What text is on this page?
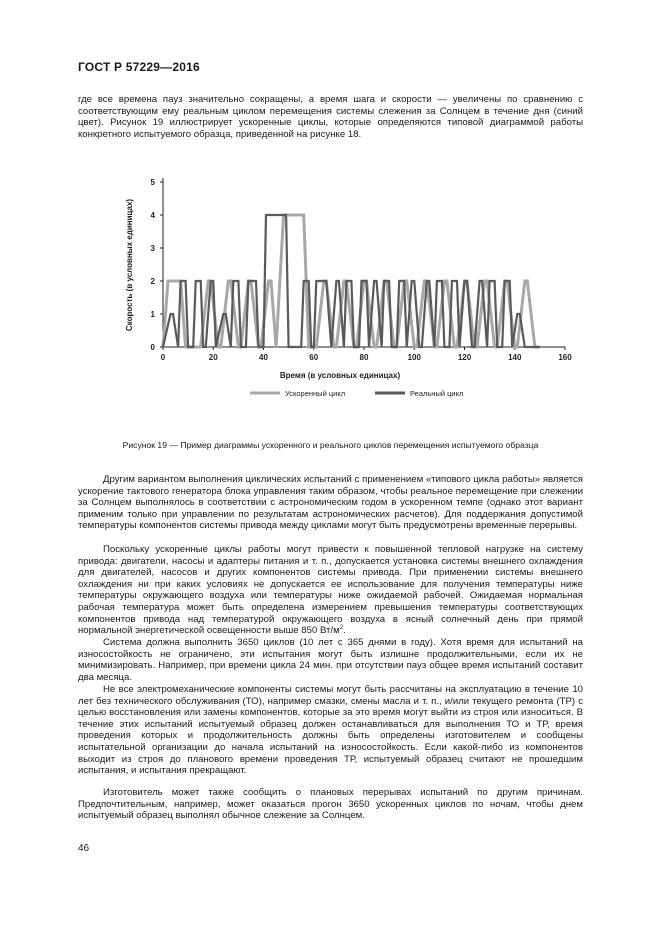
ГОСТ Р 57229—2016

где все времена пауз значительно сокращены, а время шага и скорости — увеличены по сравнению с соответствующим ему реальным циклом перемещения системы слежения за Солнцем в течение дня (синий цвет). Рисунок 19 иллюстрирует ускоренные циклы, которые определяются типовой диаграммой работы конкретного испытуемого образца, приведенной на рисунке 18.

0	20	40	60	80	100	120	140	160
0
1
2
3
4
5
Время (в условных единицах)
Скорость (в условных единицах)
Ускоренный цикл	Реальный цикл
Рисунок 19 — Пример диаграммы ускоренного и реального циклов перемещения испытуемого образца

Другим вариантом выполнения циклических испытаний с применением «типового цикла работы» является ускорение тактового генератора блока управления таким образом, чтобы реальное перемещение при слежении за Солнцем выполнялось в соответствии с астрономическим годом в ускоренном темпе (однако этот вариант применим только при управлении по результатам астрономических расчетов). Для поддержания допустимой температуры компонентов системы привода между циклами могут быть предусмотрены временные перерывы.

Поскольку ускоренные циклы работы могут привести к повышенной тепловой нагрузке на систему привода: двигатели, насосы и адаптеры питания и т. п., допускается установка системы внешнего охлаждения для двигателей, насосов и других компонентов системы привода. При применении системы внешнего охлаждения ни при каких условиях не допускается ее использование для получения температуры ниже температуры окружающего воздуха или температуры ниже ожидаемой рабочей. Ожидаемая нормальная рабочая температура может быть определена измерением превышения температуры соответствующих компонентов привода над температурой окружающего воздуха в ясный солнечный день при прямой нормальной энергетической освещенности выше 850 $Вт/м^2$.

Система должна выполнить 3650 циклов (10 лет с 365 днями в году). Хотя время для испытаний на износостойкость не ограничено, эти испытания могут быть излишне продолжительными, если их не минимизировать. Например, при времени цикла 24 мин. при отсутствии пауз общее время испытаний составит два месяца.

Не все электромеханические компоненты системы могут быть рассчитаны на эксплуатацию в течение 10 лет без технического обслуживания (ТО), например смазки, смены масла и т. п., и/или текущего ремонта (ТР) с целью восстановления или замены компонентов, которые за это время могут выйти из строя или износиться. В течение этих испытаний испытуемый образец должен останавливаться для выполнения ТО и ТР, время проведения которых и продолжительность должны быть определены изготовителем и сообщены испытательной организации до начала испытаний на износостойкость. Если какой-либо из компонентов выходит из строя до планового времени проведения ТР, испытуемый образец считают не прошедшим испытания, и испытания прекращают.

Изготовитель может также сообщить о плановых перерывах испытаний по другим причинам. Предпочтительным, например, может оказаться прогон 3650 ускоренных циклов по ночам, чтобы днем испытуемый образец выполнял обычное слежение за Солнцем.

46
